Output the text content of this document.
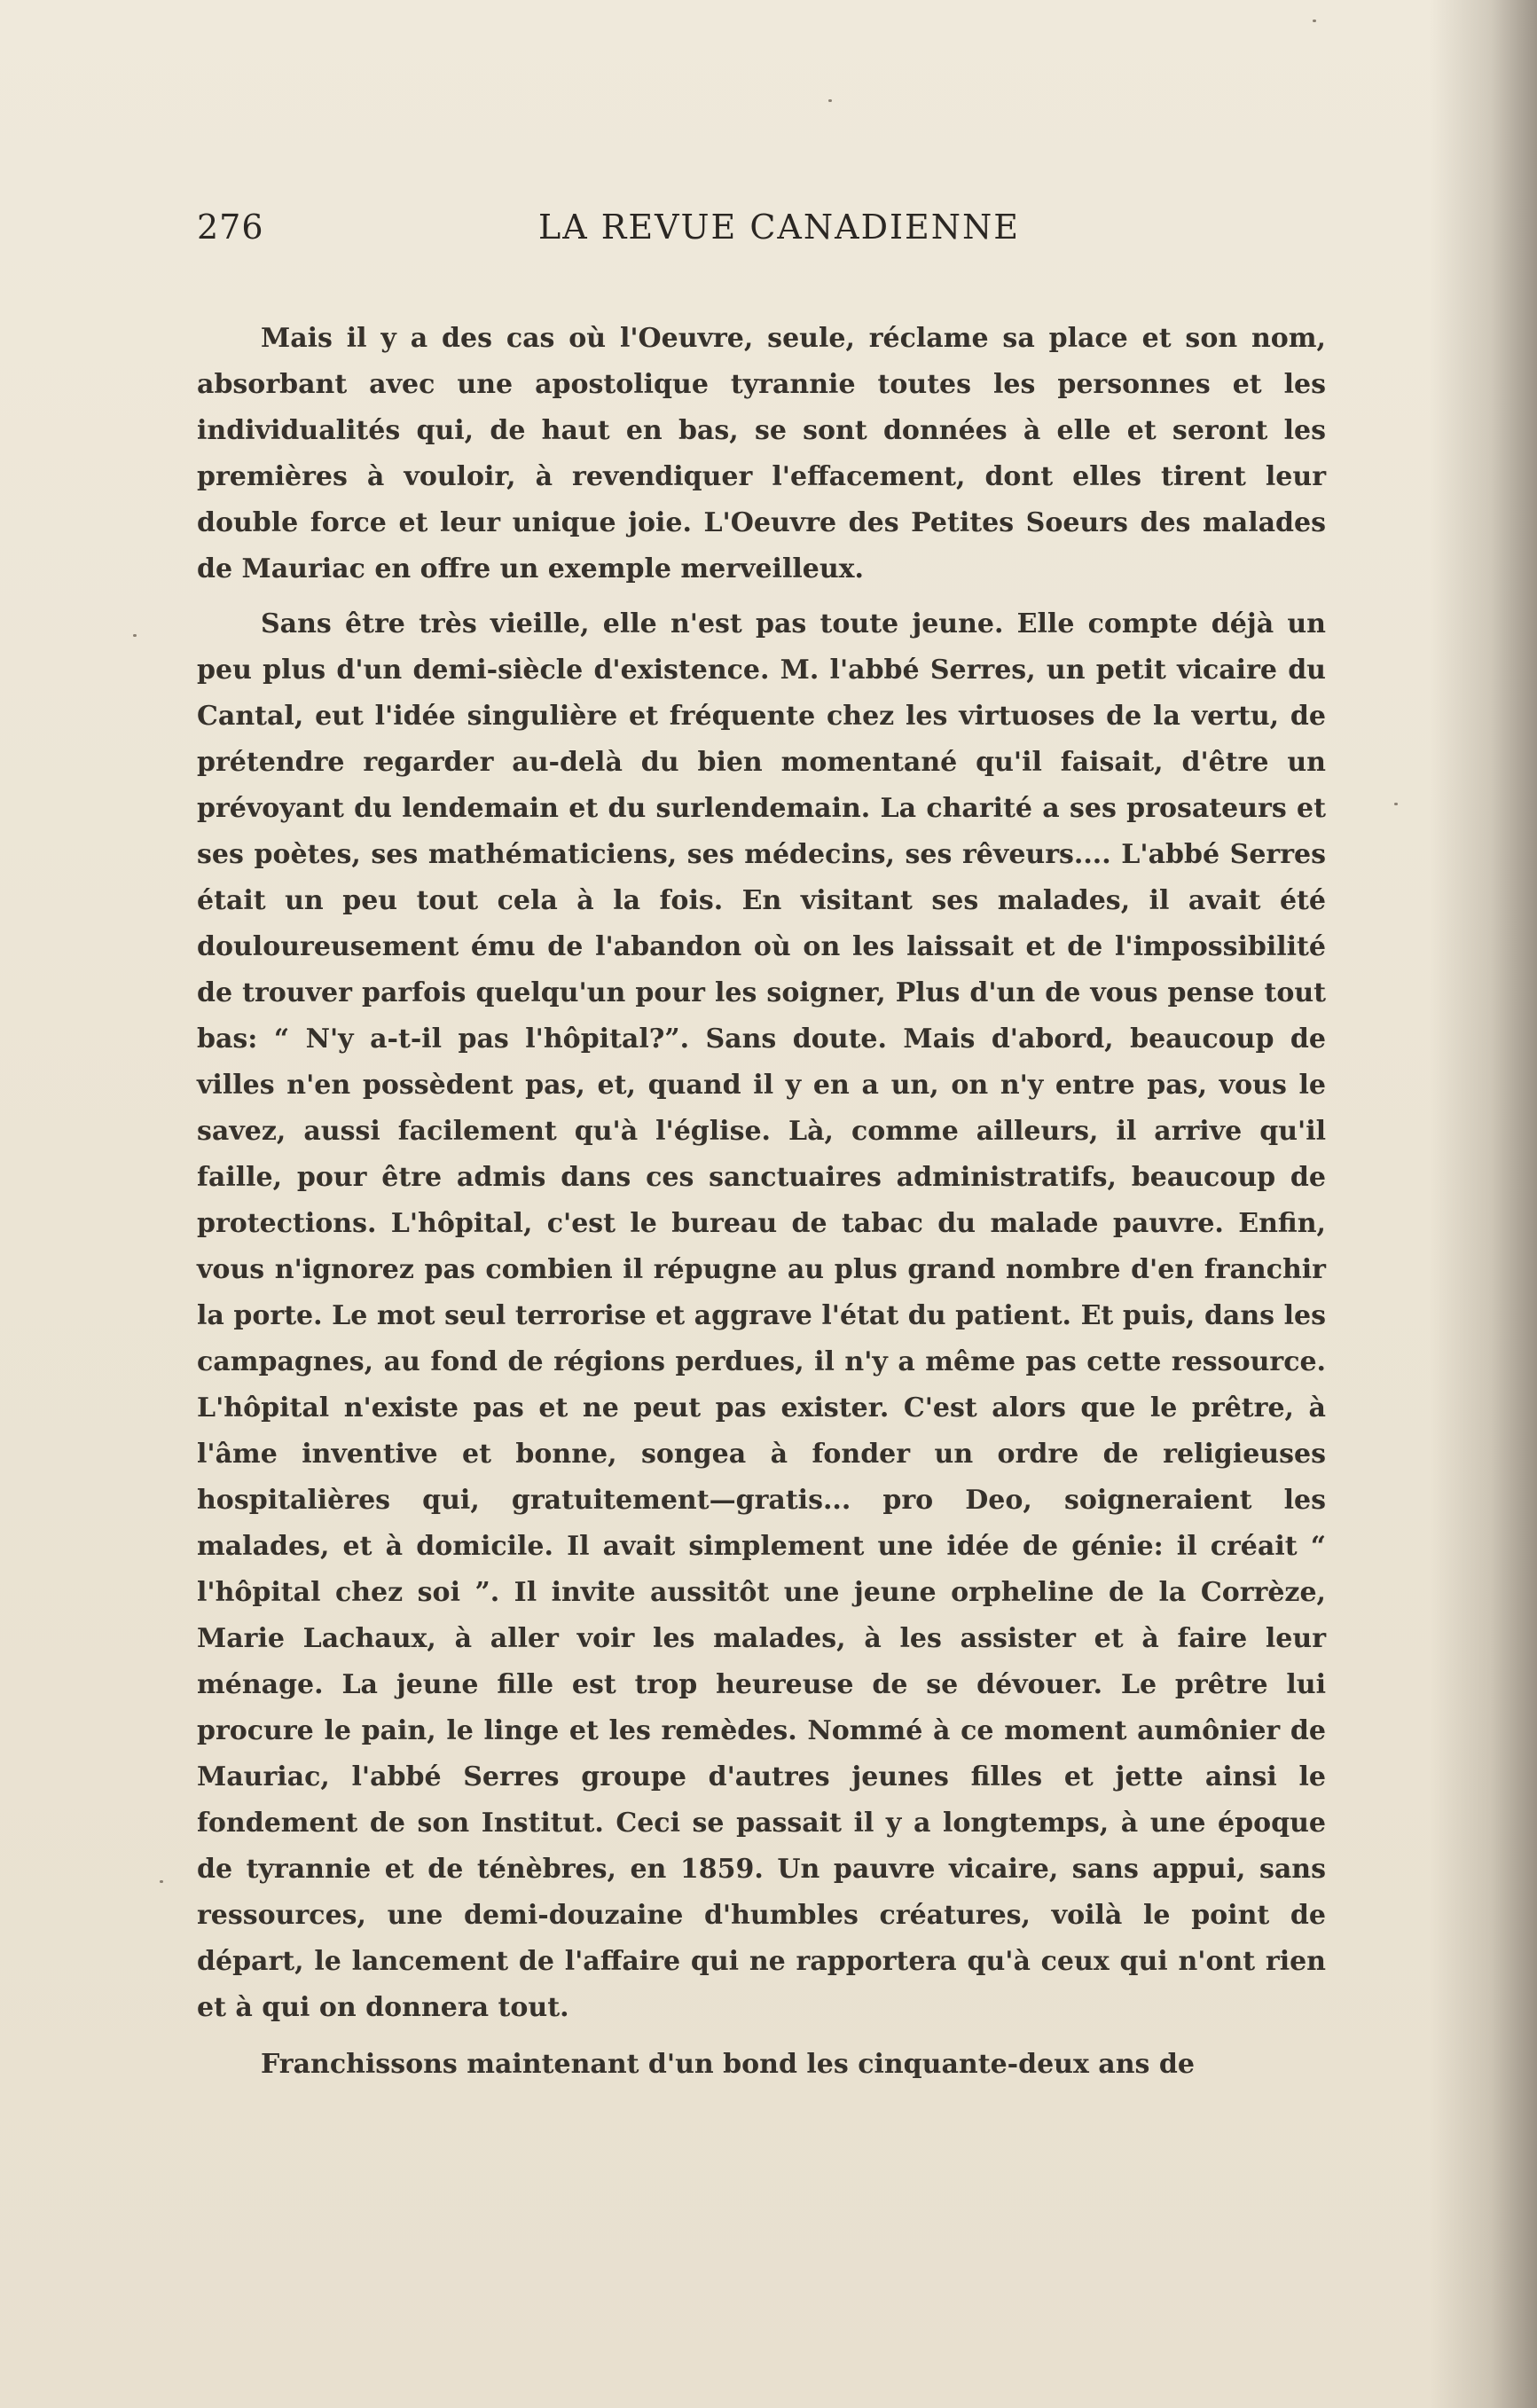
276	LA REVUE CANADIENNE

Mais il y a des cas où l'Oeuvre, seule, réclame sa place et son nom, absorbant avec une apostolique tyrannie toutes les personnes et les individualités qui, de haut en bas, se sont données à elle et seront les premières à vouloir, à revendiquer l'effacement, dont elles tirent leur double force et leur unique joie. L'Oeuvre des Petites Soeurs des malades de Mauriac en offre un exemple merveilleux.

Sans être très vieille, elle n'est pas toute jeune. Elle compte déjà un peu plus d'un demi-siècle d'existence. M. l'abbé Serres, un petit vicaire du Cantal, eut l'idée singulière et fréquente chez les virtuoses de la vertu, de prétendre regarder au-delà du bien momentané qu'il faisait, d'être un prévoyant du lendemain et du surlendemain. La charité a ses prosateurs et ses poètes, ses mathématiciens, ses médecins, ses rêveurs.... L'abbé Serres était un peu tout cela à la fois. En visitant ses malades, il avait été douloureusement ému de l'abandon où on les laissait et de l'impossibilité de trouver parfois quelqu'un pour les soigner, Plus d'un de vous pense tout bas: “ N'y a-t-il pas l'hôpital?”. Sans doute. Mais d'abord, beaucoup de villes n'en possèdent pas, et, quand il y en a un, on n'y entre pas, vous le savez, aussi facilement qu'à l'église. Là, comme ailleurs, il arrive qu'il faille, pour être admis dans ces sanctuaires administratifs, beaucoup de protections. L'hôpital, c'est le bureau de tabac du malade pauvre. Enfin, vous n'ignorez pas combien il répugne au plus grand nombre d'en franchir la porte. Le mot seul terrorise et aggrave l'état du patient. Et puis, dans les campagnes, au fond de régions perdues, il n'y a même pas cette ressource. L'hôpital n'existe pas et ne peut pas exister. C'est alors que le prêtre, à l'âme inventive et bonne, songea à fonder un ordre de religieuses hospitalières qui, gratuitement—gratis... pro Deo, soigneraient les malades, et à domicile. Il avait simplement une idée de génie: il créait “ l'hôpital chez soi ”. Il invite aussitôt une jeune orpheline de la Corrèze, Marie Lachaux, à aller voir les malades, à les assister et à faire leur ménage. La jeune fille est trop heureuse de se dévouer. Le prêtre lui procure le pain, le linge et les remèdes. Nommé à ce moment aumônier de Mauriac, l'abbé Serres groupe d'autres jeunes filles et jette ainsi le fondement de son Institut. Ceci se passait il y a longtemps, à une époque de tyrannie et de ténèbres, en 1859. Un pauvre vicaire, sans appui, sans ressources, une demi-douzaine d'humbles créatures, voilà le point de départ, le lancement de l'affaire qui ne rapportera qu'à ceux qui n'ont rien et à qui on donnera tout.

Franchissons maintenant d'un bond les cinquante-deux ans de
